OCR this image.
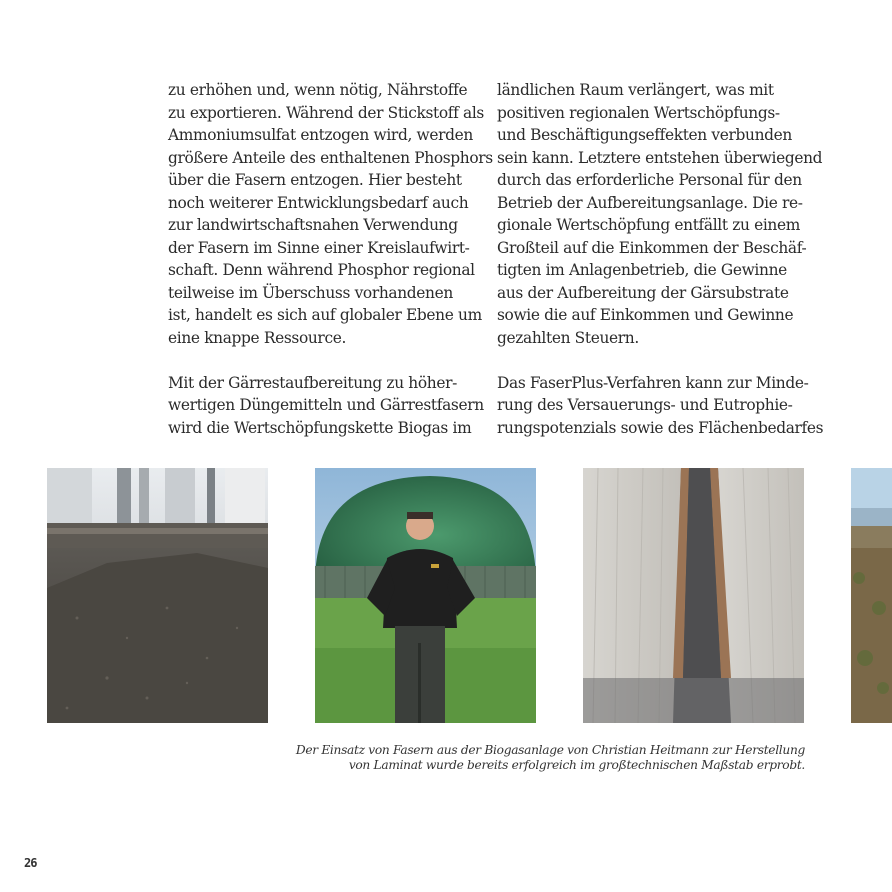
zu erhöhen und, wenn nötig, Nährstoffe
zu exportieren. Während der Stickstoff als
Ammoniumsulfat entzogen wird, werden
größere Anteile des enthaltenen Phosphors
über die Fasern entzogen. Hier besteht
noch weiterer Entwicklungsbedarf auch
zur landwirtschaftsnahen Verwendung
der Fasern im Sinne einer Kreislaufwirt-
schaft. Denn während Phosphor regional
teilweise im Überschuss vorhandenen
ist, handelt es sich auf globaler Ebene um
eine knappe Ressource.
Mit der Gärrestaufbereitung zu höher-
wertigen Düngemitteln und Gärrestfasern
wird die Wertschöpfungskette Biogas im
ländlichen Raum verlängert, was mit
positiven regionalen Wertschöpfungs-
und Beschäftigungseffekten verbunden
sein kann. Letztere entstehen überwiegend
durch das erforderliche Personal für den
Betrieb der Aufbereitungsanlage. Die re-
gionale Wertschöpfung entfällt zu einem
Großteil auf die Einkommen der Beschäf-
tigten im Anlagenbetrieb, die Gewinne
aus der Aufbereitung der Gärsubstrate
sowie die auf Einkommen und Gewinne
gezahlten Steuern.
Das FaserPlus-Verfahren kann zur Minde-
rung des Versauerungs- und Eutrophie-
rungspotenzials sowie des Flächenbedarfes
Der Einsatz von Fasern aus der Biogasanlage von Christian Heitmann zur Herstellung
von Laminat wurde bereits erfolgreich im großtechnischen Maßstab erprobt.
26
